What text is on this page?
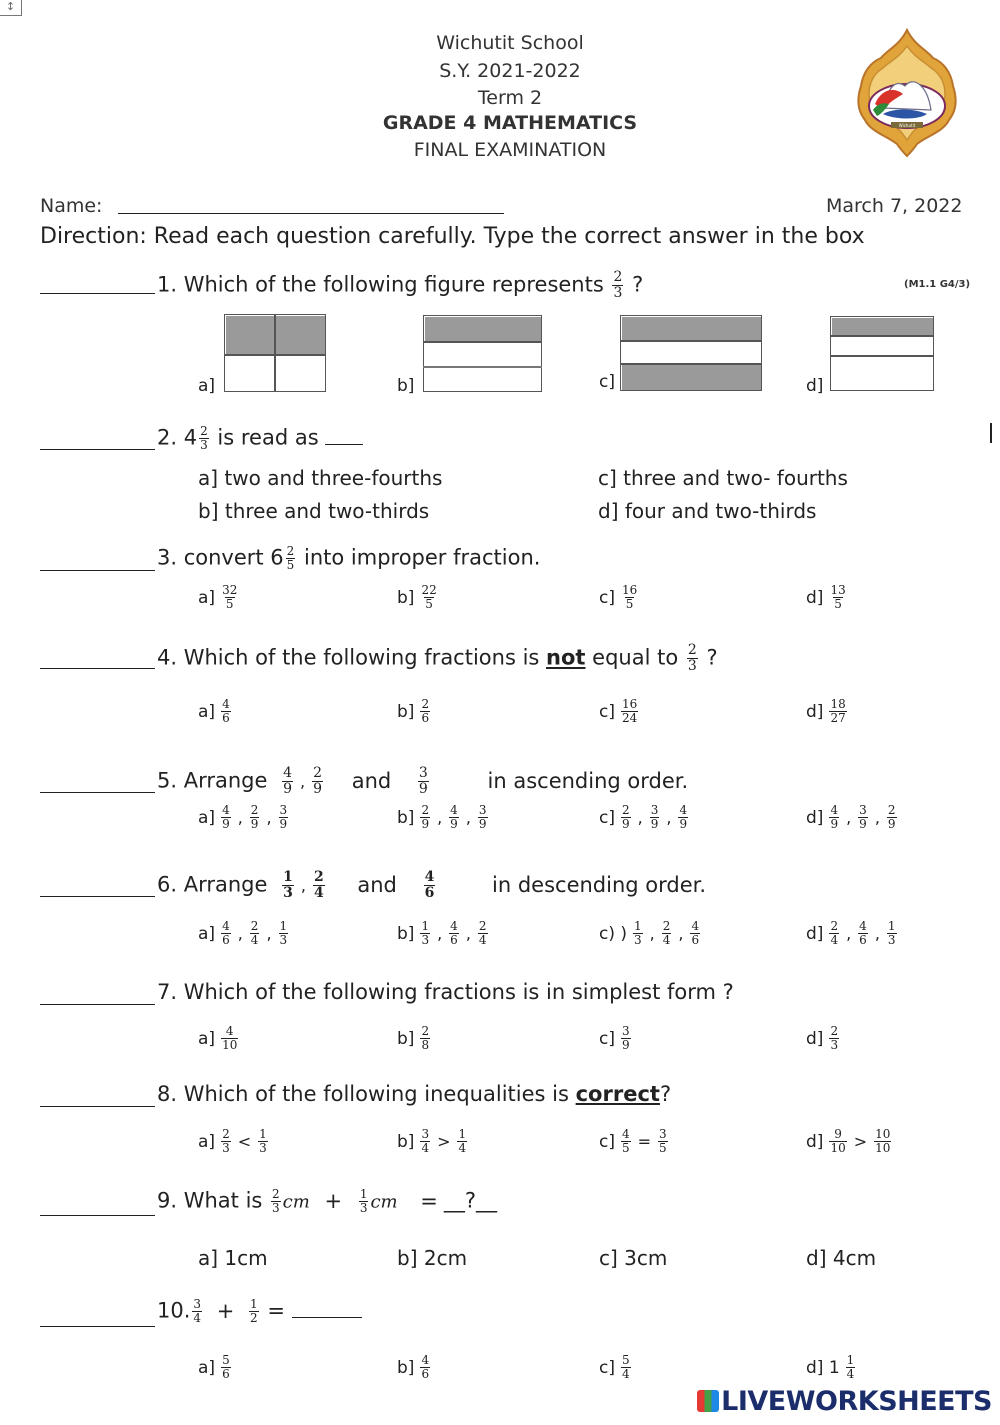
↕
Wichutit School
S.Y. 2021-2022
Term 2
GRADE 4 MATHEMATICS
FINAL EXAMINATION
Wichutit
Name:	March 7, 2022
Direction: Read each question carefully. Type the correct answer in the box
1. Which of the following figure represents $\frac{2}{3}$ ?	(M1.1 G4/3)
a]	b]	c]	d]
2. $4 \frac{2}{3}$ is read as
a] two and three-fourths
b] three and two-thirds
c] three and two- fourths
d] four and two-thirds
3. convert $6 \frac{2}{5}$ into improper fraction.
$a] \frac{32}{5}$	$b] \frac{22}{5}$	$c] \frac{16}{5}$	$d] \frac{13}{5}$
4. Which of the following fractions is not equal to $\frac{2}{3}$ ?
$a] \frac{4}{6}$	$b] \frac{2}{6}$	$c] \frac{16}{24}$	$d] \frac{18}{27}$
5. Arrange $\frac{4}{9}$ , $\frac{2}{9}$ and $\frac{3}{9}$	in ascending order.
$a] \frac{4}{9}$ , $\frac{2}{9}$ , $\frac{3}{9}$	$b] \frac{2}{9}$ , $\frac{4}{9}$ , $\frac{3}{9}$	$c] \frac{2}{9}$ , $\frac{3}{9}$ , $\frac{4}{9}$	$d] \frac{4}{9}$ , $\frac{3}{9}$ , $\frac{2}{9}$
6. Arrange $\frac{1}{3}$ , $\frac{2}{4}$ and $\frac{4}{6}$	in descending order.
$a] \frac{4}{6}$ , $\frac{2}{4}$ , $\frac{1}{3}$	$b] \frac{1}{3}$ , $\frac{4}{6}$ , $\frac{2}{4}$	c) ) $\frac{1}{3}$ , $\frac{2}{4}$ , $\frac{4}{6}$	$d] \frac{2}{4}$ , $\frac{4}{6}$ , $\frac{1}{3}$
7. Which of the following fractions is in simplest form ?
$a] \frac{4}{10}$	$b] \frac{2}{8}$	$c] \frac{3}{9}$	$d] \frac{2}{3}$
8. Which of the following inequalities is correct?
$a] \frac{2}{3} < \frac{1}{3}$	$b] \frac{3}{4} > \frac{1}{4}$	$c] \frac{4}{5} = \frac{3}{5}$	$d] \frac{9}{10} > \frac{10}{10}$
9. What is $\frac{2}{3}$ cm + $\frac{1}{3}$ cm = __?__
a] 1cm	b] 2cm	c] 3cm	d] 4cm
10. $\frac{3}{4} + \frac{1}{2}$ =
$a] \frac{5}{6}$	$b] \frac{4}{6}$	$c] \frac{5}{4}$	d] $1 \frac{1}{4}$
LIVEWORKSHEETS
